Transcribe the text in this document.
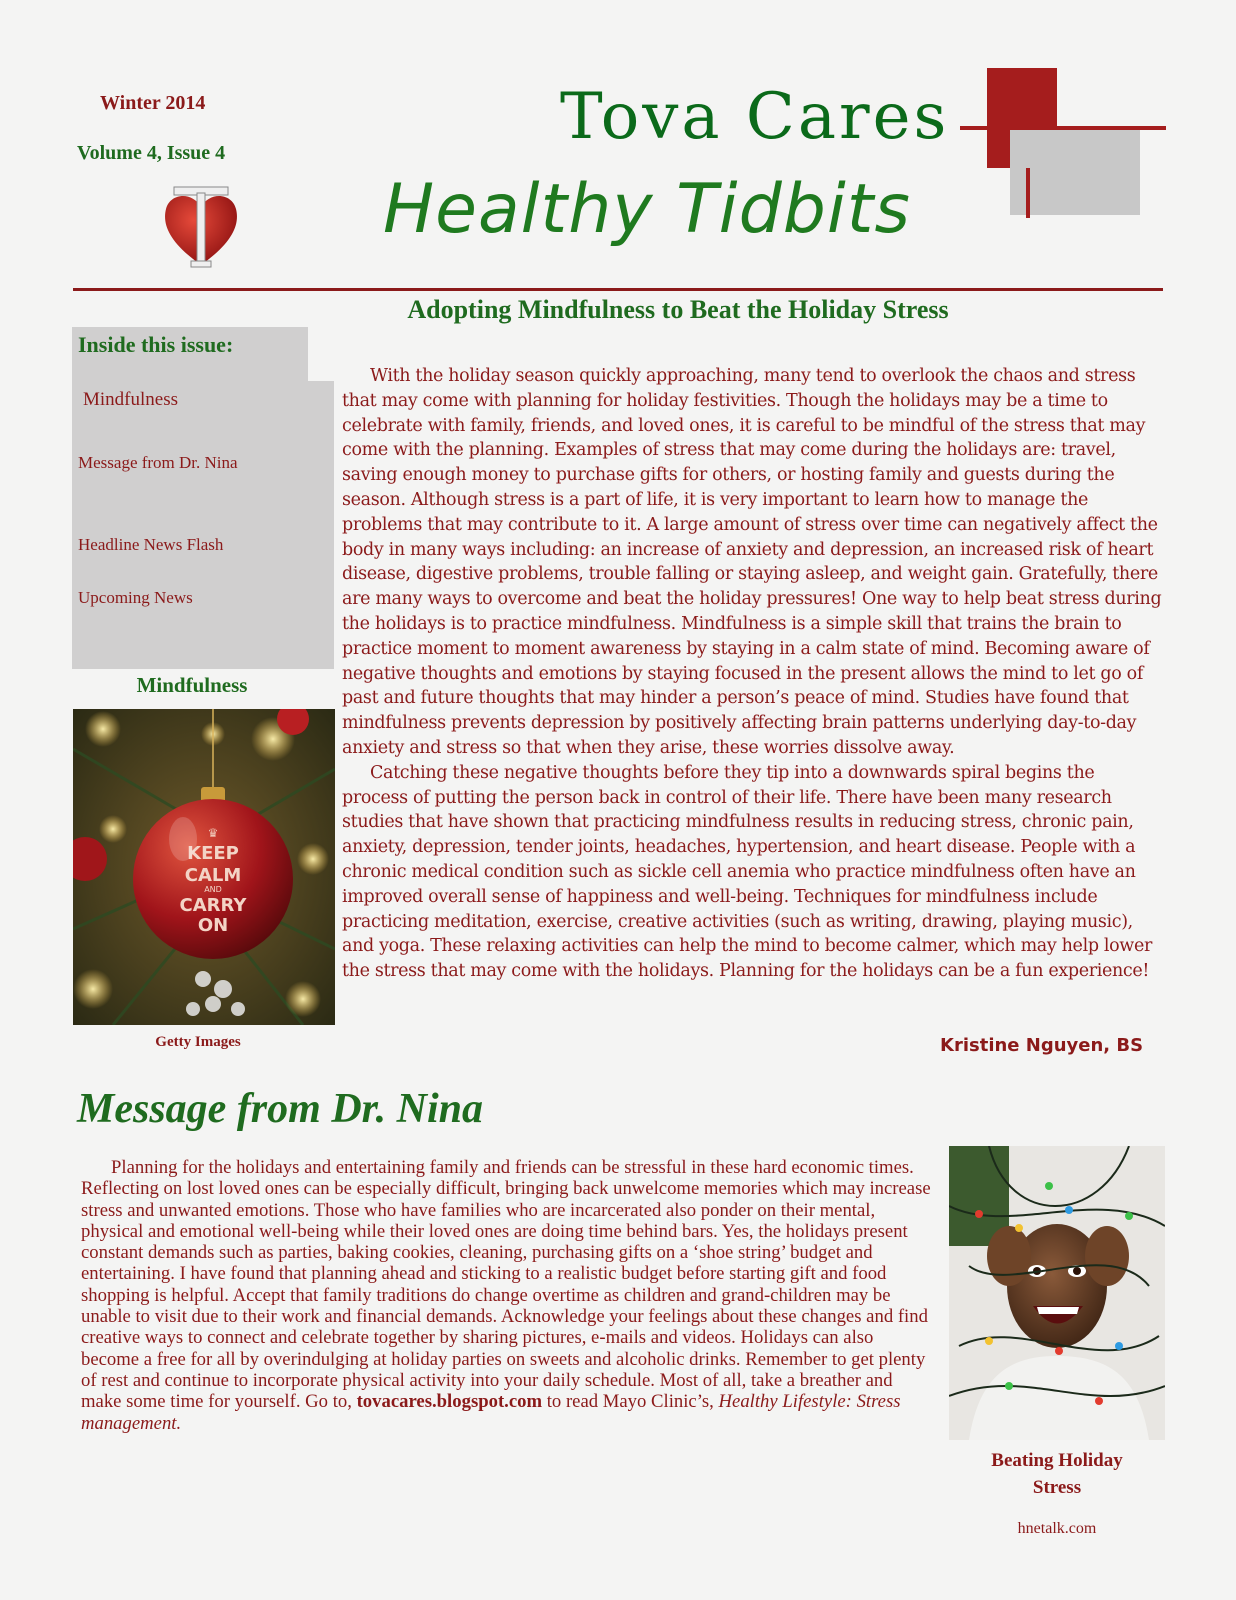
Winter 2014
Volume 4, Issue 4	Tova Cares
Healthy Tidbits
Adopting Mindfulness to Beat the Holiday Stress
Inside this issue:
Mindfulness
Message from Dr. Nina
Headline News Flash
Upcoming News
Mindfulness
♛
KEEP
CALM
AND
CARRY
ON
Getty Images

With the holiday season quickly approaching, many tend to overlook the chaos and stress that may come with planning for holiday festivities. Though the holidays may be a time to celebrate with family, friends, and loved ones, it is careful to be mindful of the stress that may come with the planning. Examples of stress that may come during the holidays are: travel, saving enough money to purchase gifts for others, or hosting family and guests during the season. Although stress is a part of life, it is very important to learn how to manage the problems that may contribute to it. A large amount of stress over time can negatively affect the body in many ways including: an increase of anxiety and depression, an increased risk of heart disease, digestive problems, trouble falling or staying asleep, and weight gain. Gratefully, there are many ways to overcome and beat the holiday pressures! One way to help beat stress during the holidays is to practice mindfulness. Mindfulness is a simple skill that trains the brain to practice moment to moment awareness by staying in a calm state of mind. Becoming aware of negative thoughts and emotions by staying focused in the present allows the mind to let go of past and future thoughts that may hinder a person’s peace of mind. Studies have found that mindfulness prevents depression by positively affecting brain patterns underlying day-to-day anxiety and stress so that when they arise, these worries dissolve away.

Catching these negative thoughts before they tip into a downwards spiral begins the process of putting the person back in control of their life. There have been many research studies that have shown that practicing mindfulness results in reducing stress, chronic pain, anxiety, depression, tender joints, headaches, hypertension, and heart disease. People with a chronic medical condition such as sickle cell anemia who practice mindfulness often have an improved overall sense of happiness and well-being. Techniques for mindfulness include practicing meditation, exercise, creative activities (such as writing, drawing, playing music), and yoga. These relaxing activities can help the mind to become calmer, which may help lower the stress that may come with the holidays. Planning for the holidays can be a fun experience!

Kristine Nguyen, BS
Message from Dr. Nina

Planning for the holidays and entertaining family and friends can be stressful in these hard economic times. Reflecting on lost loved ones can be especially difficult, bringing back unwelcome memories which may increase stress and unwanted emotions. Those who have families who are incarcerated also ponder on their mental, physical and emotional well-being while their loved ones are doing time behind bars. Yes, the holidays present constant demands such as parties, baking cookies, cleaning, purchasing gifts on a ‘shoe string’ budget and entertaining. I have found that planning ahead and sticking to a realistic budget before starting gift and food shopping is helpful. Accept that family traditions do change overtime as children and grand-children may be unable to visit due to their work and financial demands. Acknowledge your feelings about these changes and find creative ways to connect and celebrate together by sharing pictures, e-mails and videos. Holidays can also become a free for all by overindulging at holiday parties on sweets and alcoholic drinks. Remember to get plenty of rest and continue to incorporate physical activity into your daily schedule. Most of all, take a breather and make some time for yourself. Go to, tovacares.blogspot.com to read Mayo Clinic’s, Healthy Lifestyle: Stress management.

Beating Holiday
Stress
hnetalk.com
